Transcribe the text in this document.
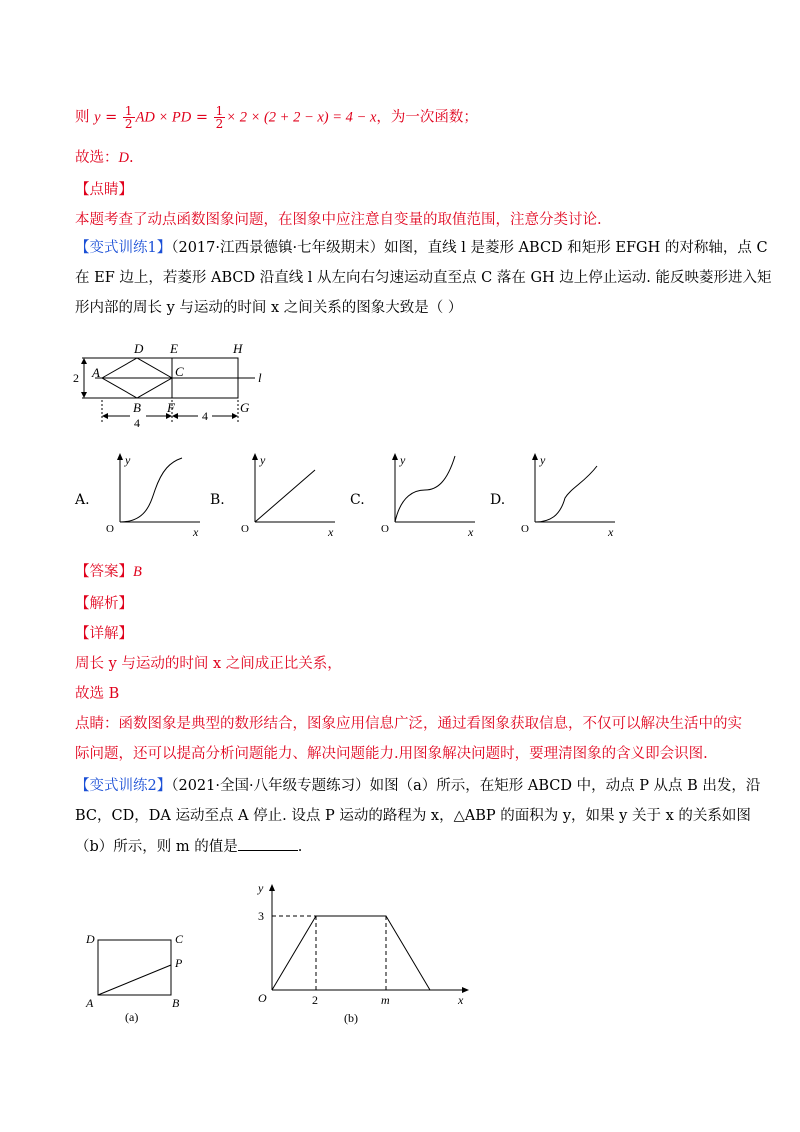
则 $y = \frac{1}{2}$ AD × PD = $\frac{1}{2} \times 2 \times (2 + 2 - x) = 4 - x$，为一次函数；
故选：D.
【点睛】
本题考查了动点函数图象问题，在图象中应注意自变量的取值范围，注意分类讨论.
【变式训练1】（2017·江西景德镇·七年级期末）如图，直线 l 是菱形 ABCD 和矩形 EFGH 的对称轴，点 C
在 EF 边上，若菱形 ABCD 沿直线 l 从左向右匀速运动直至点 C 落在 GH 边上停止运动. 能反映菱形进入矩
形内部的周长 y 与运动的时间 x 之间关系的图象大致是（ ）
D E	H
A	C	l
B F	G
2
4	4
A.
y
x
O
B.
y
x
O
C.
y
x
O
D.
y
x
O
【答案】B
【解析】
【详解】
周长 y 与运动的时间 x 之间成正比关系，
故选 B
点睛：函数图象是典型的数形结合，图象应用信息广泛，通过看图象获取信息，不仅可以解决生活中的实
际问题，还可以提高分析问题能力、解决问题能力.用图象解决问题时，要理清图象的含义即会识图.
【变式训练2】（2021·全国·八年级专题练习）如图（a）所示，在矩形 ABCD 中，动点 P 从点 B 出发，沿
BC，CD，DA 运动至点 A 停止. 设点 P 运动的路程为 x，△ABP 的面积为 y，如果 y 关于 x 的关系如图
（b）所示，则 m 的值是	.
D	C
P
A	B
(a)
y
3
O	2	m	x
(b)
